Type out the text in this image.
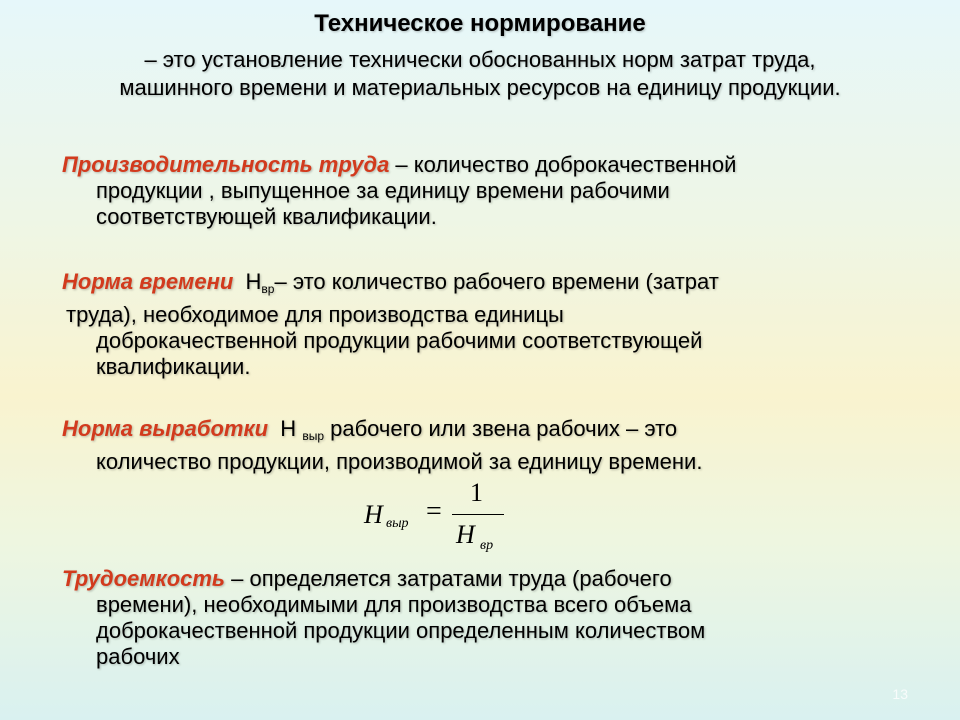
Техническое нормирование
– это установление технически обоснованных норм затрат труда,
машинного времени и материальных ресурсов на единицу продукции.
Производительность труда – количество доброкачественной
продукции , выпущенное за единицу времени рабочими
соответствующей квалификации.
Норма времени $Н_{вр}-$ это количество рабочего времени (затрат
труда), необходимое для производства единицы
доброкачественной продукции рабочими соответствующей
квалификации.
Норма выработки Н $_{выр}$ рабочего или звена рабочих – это
количество продукции, производимой за единицу времени.
H выр =
1
H вр
Трудоемкость – определяется затратами труда (рабочего
времени), необходимыми для производства всего объема
доброкачественной продукции определенным количеством
рабочих
13
